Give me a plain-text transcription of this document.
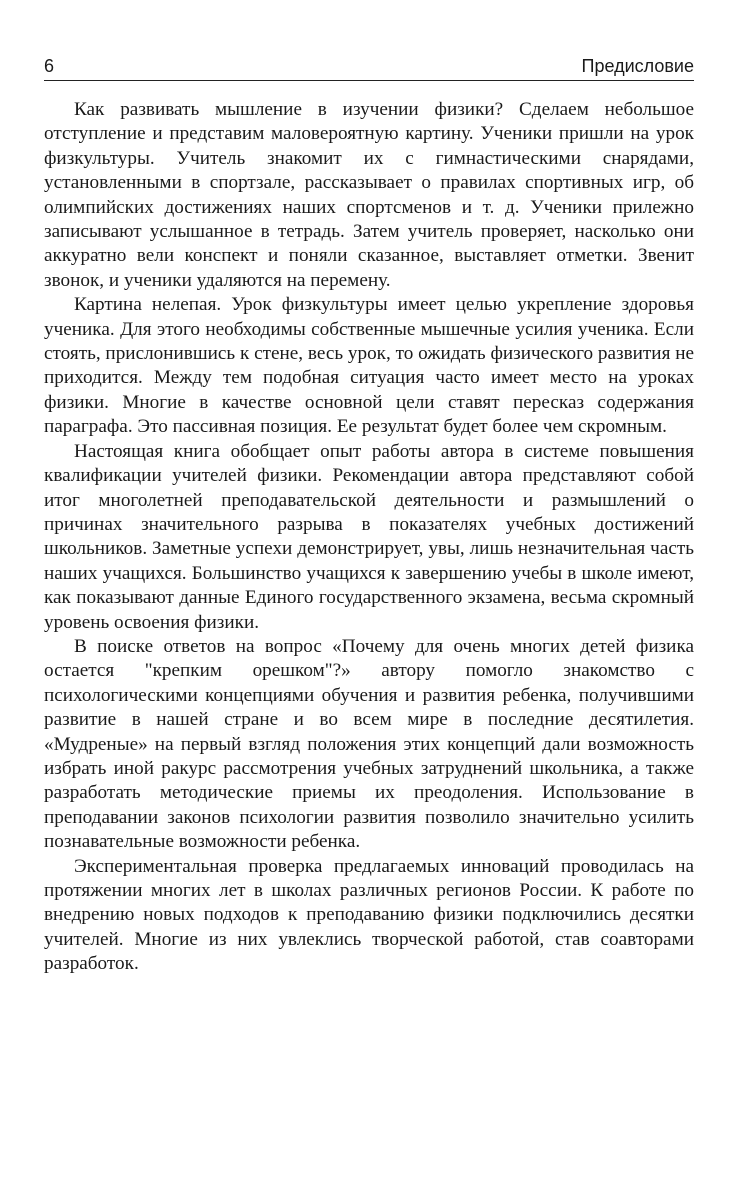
6	Предисловие

Как развивать мышление в изучении физики? Сделаем небольшое отступление и представим маловероятную картину. Ученики пришли на урок физкультуры. Учитель знакомит их с гимнастическими снарядами, установленными в спортзале, рассказывает о правилах спортивных игр, об олимпийских достижениях наших спортсменов и т. д. Ученики прилежно записывают услышанное в тетрадь. Затем учитель проверяет, насколько они аккуратно вели конспект и поняли сказанное, выставляет отметки. Звенит звонок, и ученики удаляются на перемену.

Картина нелепая. Урок физкультуры имеет целью укрепление здоровья ученика. Для этого необходимы собственные мышечные усилия ученика. Если стоять, прислонившись к стене, весь урок, то ожидать физического развития не приходится. Между тем подобная ситуация часто имеет место на уроках физики. Многие в качестве основной цели ставят пересказ содержания параграфа. Это пассивная позиция. Ее результат будет более чем скромным.

Настоящая книга обобщает опыт работы автора в системе повышения квалификации учителей физики. Рекомендации автора представляют собой итог многолетней преподавательской деятельности и размышлений о причинах значительного разрыва в показателях учебных достижений школьников. Заметные успехи демонстрирует, увы, лишь незначительная часть наших учащихся. Большинство учащихся к завершению учебы в школе имеют, как показывают данные Единого государственного экзамена, весьма скромный уровень освоения физики.

В поиске ответов на вопрос «Почему для очень многих детей физика остается "крепким орешком"?» автору помогло знакомство с психологическими концепциями обучения и развития ребенка, получившими развитие в нашей стране и во всем мире в последние десятилетия. «Мудреные» на первый взгляд положения этих концепций дали возможность избрать иной ракурс рассмотрения учебных затруднений школьника, а также разработать методические приемы их преодоления. Использование в преподавании законов психологии развития позволило значительно усилить познавательные возможности ребенка.

Экспериментальная проверка предлагаемых инноваций проводилась на протяжении многих лет в школах различных регионов России. К работе по внедрению новых подходов к преподаванию физики подключились десятки учителей. Многие из них увлеклись творческой работой, став соавторами разработок.
